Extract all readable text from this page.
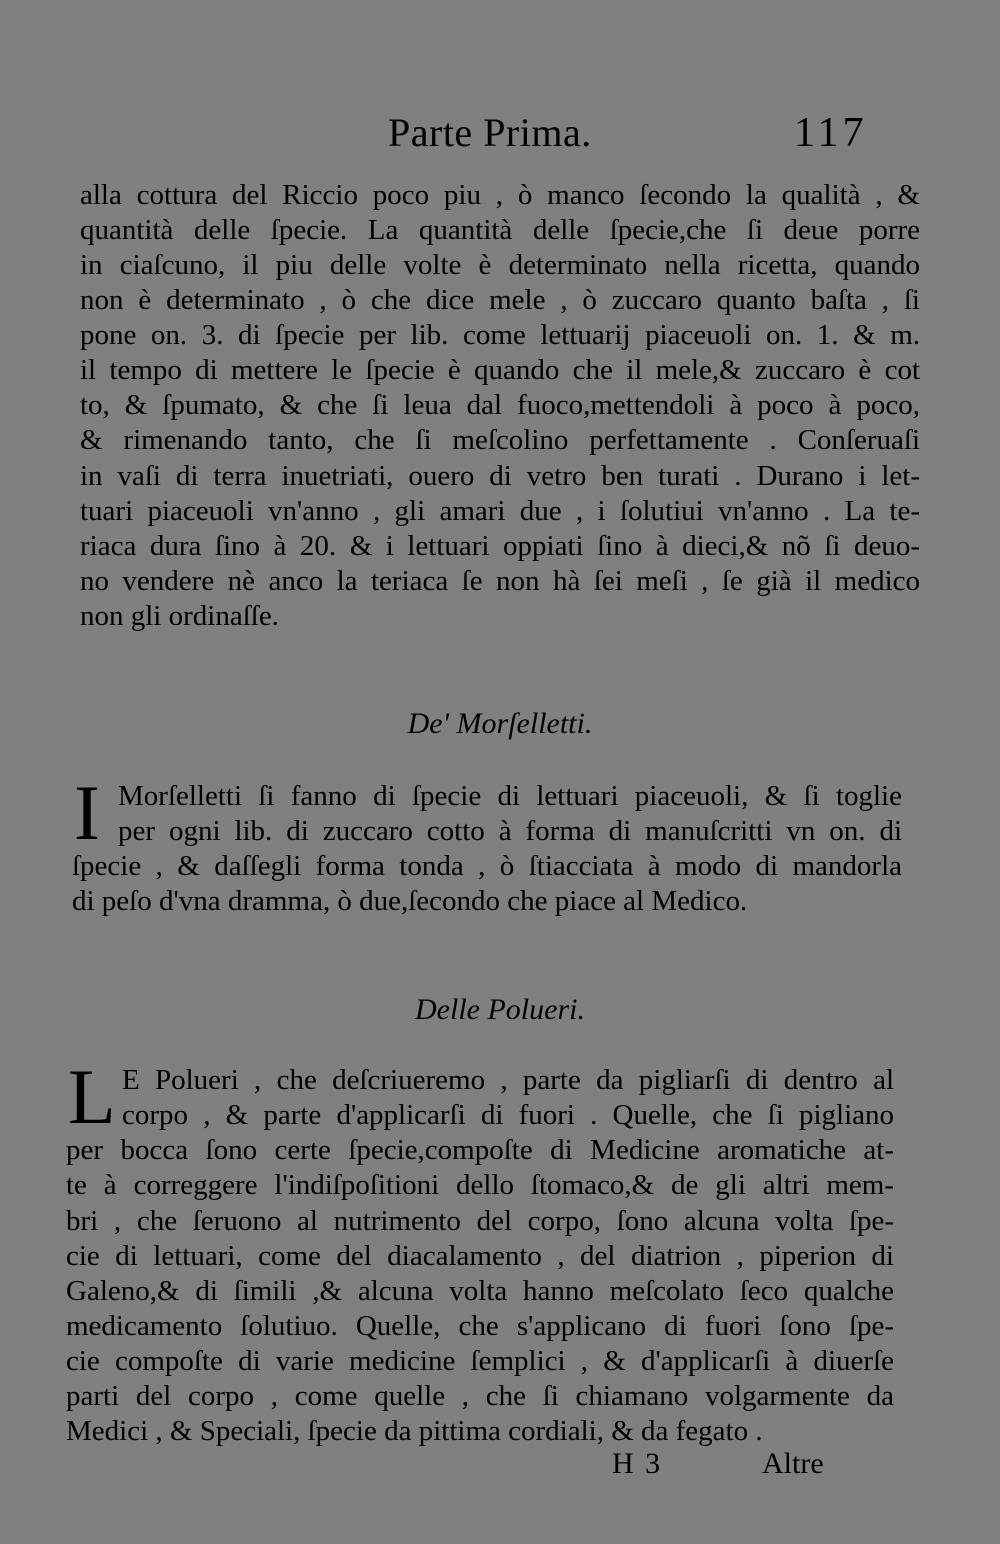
Parte Prima.	117
alla cottura del Riccio poco piu , ò manco ſecondo la qualità , &
quantità delle ſpecie. La quantità delle ſpecie,che ſi deue porre
in ciaſcuno, il piu delle volte è determinato nella ricetta, quando
non è determinato , ò che dice mele , ò zuccaro quanto baſta , ſi
pone on. 3. di ſpecie per lib. come lettuarij piaceuoli on. 1. & m.
il tempo di mettere le ſpecie è quando che il mele,& zuccaro è cot
to, & ſpumato, & che ſi leua dal fuoco,mettendoli à poco à poco,
& rimenando tanto, che ſi meſcolino perfettamente . Conſeruaſi
in vaſi di terra inuetriati, ouero di vetro ben turati . Durano i let-
tuari piaceuoli vn'anno , gli amari due , i ſolutiui vn'anno . La te-
riaca dura ſino à 20. & i lettuari oppiati ſino à dieci,& nõ ſi deuo-
no vendere nè anco la teriaca ſe non hà ſei meſi , ſe già il medico
non gli ordinaſſe.
De' Morſelletti.
I Morſelletti ſi fanno di ſpecie di lettuari piaceuoli, & ſi toglie
per ogni lib. di zuccaro cotto à forma di manuſcritti vn on. di
ſpecie , & daſſegli forma tonda , ò ſtiacciata à modo di mandorla
di peſo d'vna dramma, ò due,ſecondo che piace al Medico.
Delle Polueri.
L E Polueri , che deſcriueremo , parte da pigliarſi di dentro al
corpo , & parte d'applicarſi di fuori . Quelle, che ſi pigliano
per bocca ſono certe ſpecie,compoſte di Medicine aromatiche at-
te à correggere l'indiſpoſitioni dello ſtomaco,& de gli altri mem-
bri , che ſeruono al nutrimento del corpo, ſono alcuna volta ſpe-
cie di lettuari, come del diacalamento , del diatrion , piperion di
Galeno,& di ſimili ,& alcuna volta hanno meſcolato ſeco qualche
medicamento ſolutiuo. Quelle, che s'applicano di fuori ſono ſpe-
cie compoſte di varie medicine ſemplici , & d'applicarſi à diuerſe
parti del corpo , come quelle , che ſi chiamano volgarmente da
Medici , & Speciali, ſpecie da pittima cordiali, & da fegato .
H 3	Altre
